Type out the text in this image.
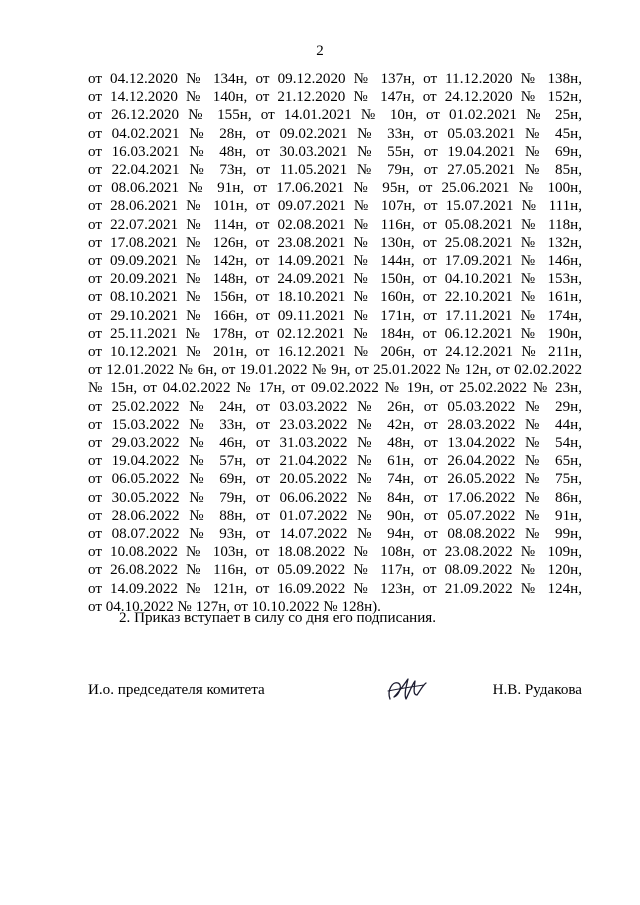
2
от 04.12.2020 № 134н, от 09.12.2020 № 137н, от 11.12.2020 № 138н,
от 14.12.2020 № 140н, от 21.12.2020 № 147н, от 24.12.2020 № 152н,
от 26.12.2020 № 155н, от 14.01.2021 № 10н, от 01.02.2021 № 25н,
от 04.02.2021 № 28н, от 09.02.2021 № 33н, от 05.03.2021 № 45н,
от 16.03.2021 № 48н, от 30.03.2021 № 55н, от 19.04.2021 № 69н,
от 22.04.2021 № 73н, от 11.05.2021 № 79н, от 27.05.2021 № 85н,
от 08.06.2021 № 91н, от 17.06.2021 № 95н, от 25.06.2021 № 100н,
от 28.06.2021 № 101н, от 09.07.2021 № 107н, от 15.07.2021 № 111н,
от 22.07.2021 № 114н, от 02.08.2021 № 116н, от 05.08.2021 № 118н,
от 17.08.2021 № 126н, от 23.08.2021 № 130н, от 25.08.2021 № 132н,
от 09.09.2021 № 142н, от 14.09.2021 № 144н, от 17.09.2021 № 146н,
от 20.09.2021 № 148н, от 24.09.2021 № 150н, от 04.10.2021 № 153н,
от 08.10.2021 № 156н, от 18.10.2021 № 160н, от 22.10.2021 № 161н,
от 29.10.2021 № 166н, от 09.11.2021 № 171н, от 17.11.2021 № 174н,
от 25.11.2021 № 178н, от 02.12.2021 № 184н, от 06.12.2021 № 190н,
от 10.12.2021 № 201н, от 16.12.2021 № 206н, от 24.12.2021 № 211н,
от 12.01.2022 № 6н, от 19.01.2022 № 9н, от 25.01.2022 № 12н, от 02.02.2022
№ 15н, от 04.02.2022 № 17н, от 09.02.2022 № 19н, от 25.02.2022 № 23н,
от 25.02.2022 № 24н, от 03.03.2022 № 26н, от 05.03.2022 № 29н,
от 15.03.2022 № 33н, от 23.03.2022 № 42н, от 28.03.2022 № 44н,
от 29.03.2022 № 46н, от 31.03.2022 № 48н, от 13.04.2022 № 54н,
от 19.04.2022 № 57н, от 21.04.2022 № 61н, от 26.04.2022 № 65н,
от 06.05.2022 № 69н, от 20.05.2022 № 74н, от 26.05.2022 № 75н,
от 30.05.2022 № 79н, от 06.06.2022 № 84н, от 17.06.2022 № 86н,
от 28.06.2022 № 88н, от 01.07.2022 № 90н, от 05.07.2022 № 91н,
от 08.07.2022 № 93н, от 14.07.2022 № 94н, от 08.08.2022 № 99н,
от 10.08.2022 № 103н, от 18.08.2022 № 108н, от 23.08.2022 № 109н,
от 26.08.2022 № 116н, от 05.09.2022 № 117н, от 08.09.2022 № 120н,
от 14.09.2022 № 121н, от 16.09.2022 № 123н, от 21.09.2022 № 124н,
от 04.10.2022 № 127н, от 10.10.2022 № 128н).
2. Приказ вступает в силу со дня его подписания.
И.о. председателя комитета	Н.В. Рудакова
